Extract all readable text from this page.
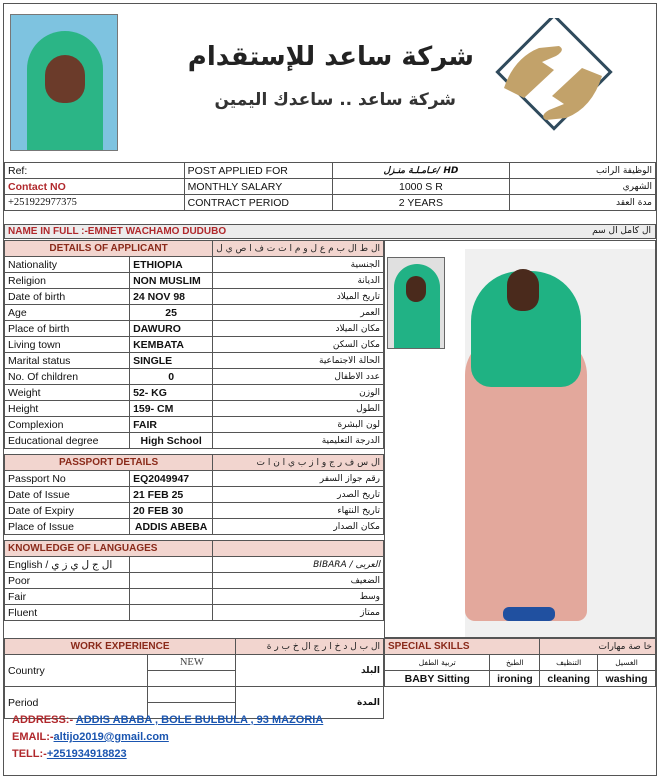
شركة ساعد للإستقدام
شركة ساعد .. ساعدك اليمين
Ref:	POST APPLIED FOR	عـامـلـة منـزل/ HD	الوظيفة الراتب
Contact NO	MONTHLY SALARY	1000 S R	الشهري
+251922977375	CONTRACT PERIOD	2 YEARS	مدة العقد
NAME IN FULL :-EMNET WACHAMO DUDUBO	ال كامل ال سم
DETAILS OF APPLICANT		ال ط ال ب م ع ل و م ا ت ت ف ا ص ي ل
Nationality	ETHIOPIA	الجنسية
Religion	NON MUSLIM	الديانة
Date of birth	24 NOV 98	تاريخ الميلاد
Age	25	العمر
Place of birth	DAWURO	مكان الميلاد
Living town	KEMBATA	مكان السكن
Marital status	SINGLE	الحالة الاجتماعية
No. Of children	0	عدد الاطفال
Weight	52- KG	الوزن
Height	159- CM	الطول
Complexion	FAIR	لون البشرة
Educational degree	High School	الدرجة التعليمية

PASSPORT DETAILS		ال س ف ر ج و ا ز ب ي ا ن ا ت
Passport No	EQ2049947	رقم جواز السفر
Date of Issue	21 FEB 25	تاريخ الصدر
Date of Expiry	20 FEB 30	تاريخ النتهاء
Place of Issue	ADDIS ABEBA	مكان الصدار

KNOWLEDGE OF LANGUAGES		
English / ال ج ل ي ز ي		العربى / BIBARA
Poor		الضعيف
Fair		وسط
Fluent		ممتاز
WORK EXPERIENCE		ال ب ل د خ ا ر ج ال خ ب ر ة
Country	NEW	البلد

Period		المدة

SPECIAL SKILLS		خا صة مهارات	
تربية الطفل	الطبخ	التنظيف	الغسيل
BABY Sitting	ironing	cleaning	washing

ADDRESS:- ADDIS ABABA , BOLE BULBULA , 93 MAZORIA
EMAIL:-altijo2019@gmail.com
TELL:-+251934918823
